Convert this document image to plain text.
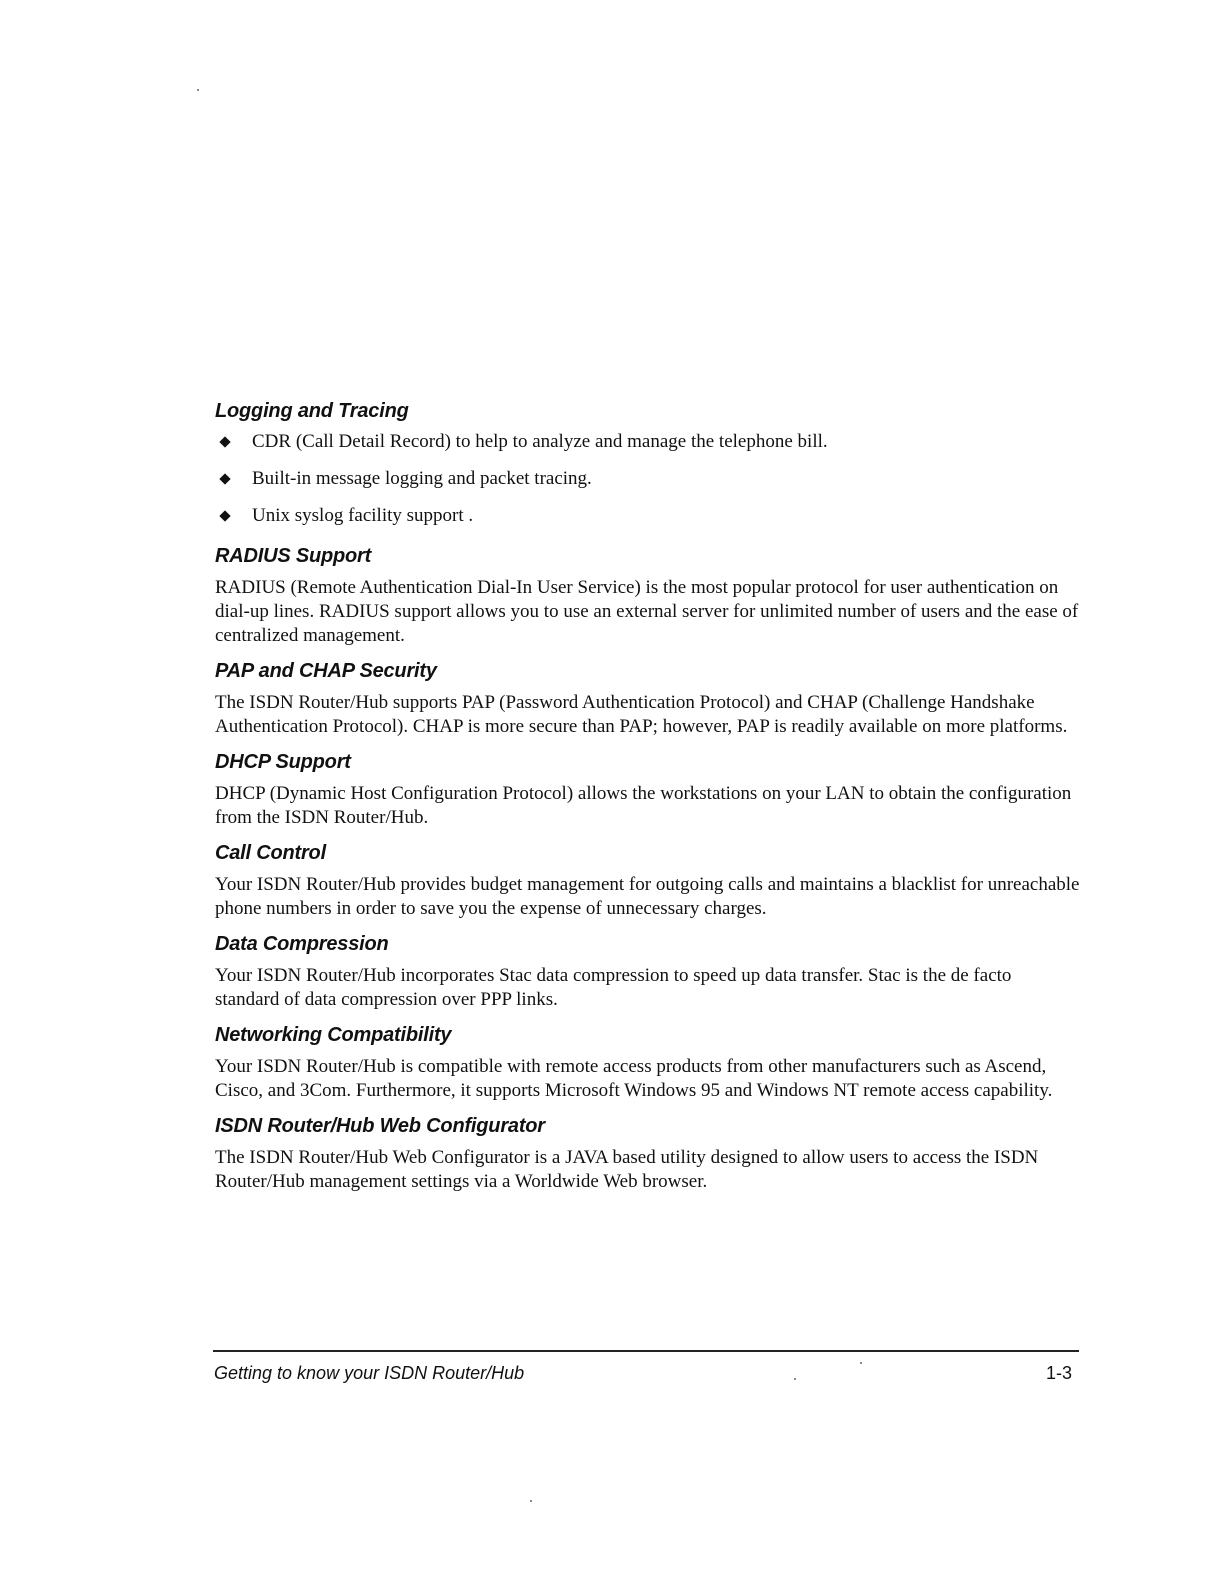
Logging and Tracing
CDR (Call Detail Record) to help to analyze and manage the telephone bill.
Built-in message logging and packet tracing.
Unix syslog facility support .
RADIUS Support

RADIUS (Remote Authentication Dial-In User Service) is the most popular protocol for user authentication on dial-up lines. RADIUS support allows you to use an external server for unlimited number of users and the ease of centralized management.

PAP and CHAP Security

The ISDN Router/Hub supports PAP (Password Authentication Protocol) and CHAP (Challenge Handshake Authentication Protocol). CHAP is more secure than PAP; however, PAP is readily available on more platforms.

DHCP Support

DHCP (Dynamic Host Configuration Protocol) allows the workstations on your LAN to obtain the configuration from the ISDN Router/Hub.

Call Control

Your ISDN Router/Hub provides budget management for outgoing calls and maintains a blacklist for unreachable phone numbers in order to save you the expense of unnecessary charges.

Data Compression

Your ISDN Router/Hub incorporates Stac data compression to speed up data transfer. Stac is the de facto standard of data compression over PPP links.

Networking Compatibility

Your ISDN Router/Hub is compatible with remote access products from other manufacturers such as Ascend, Cisco, and 3Com. Furthermore, it supports Microsoft Windows 95 and Windows NT remote access capability.

ISDN Router/Hub Web Configurator

The ISDN Router/Hub Web Configurator is a JAVA based utility designed to allow users to access the ISDN Router/Hub management settings via a Worldwide Web browser.

Getting to know your ISDN Router/Hub	1-3
